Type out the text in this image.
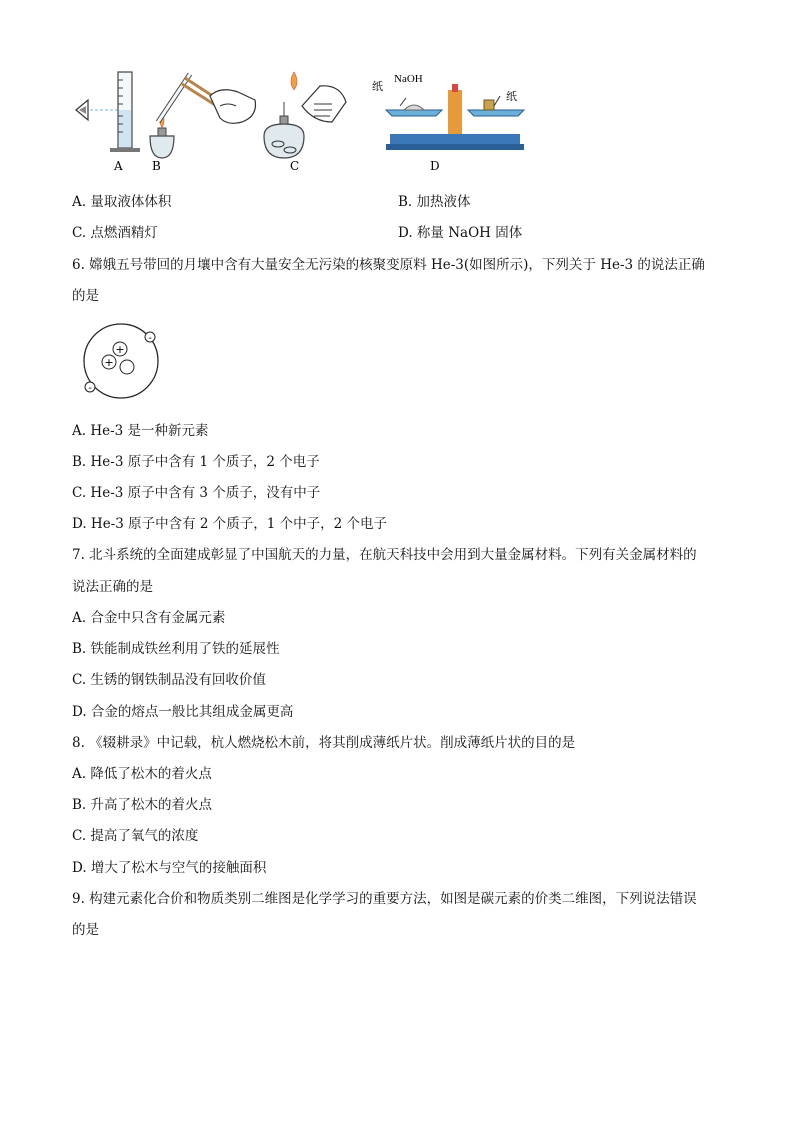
纸
NaOH
纸
A B	C	D
A. 量取液体体积	B. 加热液体
C. 点燃酒精灯	D. 称量 NaOH 固体
6. 嫦娥五号带回的月壤中含有大量安全无污染的核聚变原料 He-3(如图所示)，下列关于 He-3 的说法正确
的是
+
+
-
-
A. He-3 是一种新元素
B. He-3 原子中含有 1 个质子，2 个电子
C. He-3 原子中含有 3 个质子，没有中子
D. He-3 原子中含有 2 个质子，1 个中子，2 个电子
7. 北斗系统的全面建成彰显了中国航天的力量，在航天科技中会用到大量金属材料。下列有关金属材料的
说法正确的是
A. 合金中只含有金属元素
B. 铁能制成铁丝利用了铁的延展性
C. 生锈的钢铁制品没有回收价值
D. 合金的熔点一般比其组成金属更高
8. 《辍耕录》中记载，杭人燃烧松木前，将其削成薄纸片状。削成薄纸片状的目的是
A. 降低了松木的着火点
B. 升高了松木的着火点
C. 提高了氧气的浓度
D. 增大了松木与空气的接触面积
9. 构建元素化合价和物质类别二维图是化学学习的重要方法，如图是碳元素的价类二维图，下列说法错误
的是
